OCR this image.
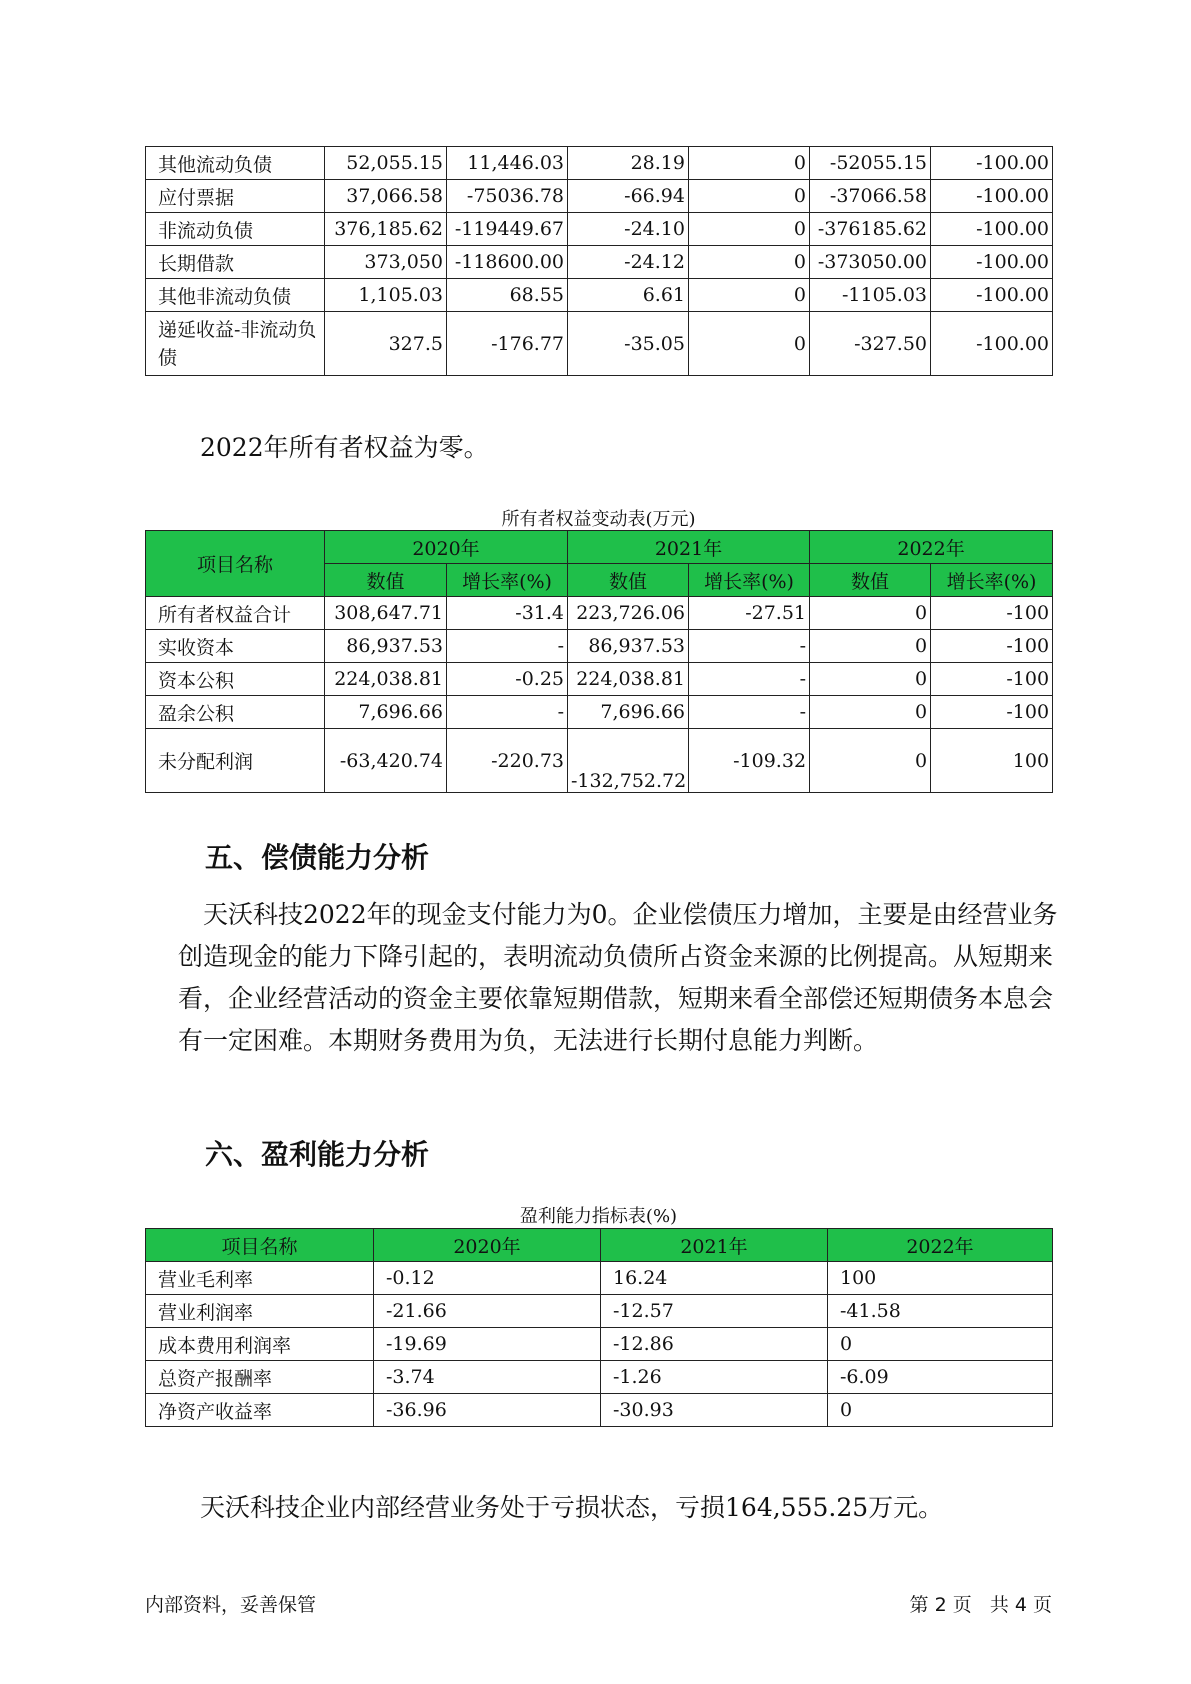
其他流动负债	52,055.15	11,446.03	28.19	0	-52055.15	-100.00
应付票据	37,066.58	-75036.78	-66.94	0	-37066.58	-100.00
非流动负债	376,185.62	-119449.67	-24.10	0	-376185.62	-100.00
长期借款	373,050	-118600.00	-24.12	0	-373050.00	-100.00
其他非流动负债	1,105.03	68.55	6.61	0	-1105.03	-100.00
递延收益-非流动负债	327.5	-176.77	-35.05	0	-327.50	-100.00
2022年所有者权益为零。
所有者权益变动表(万元)
项目名称	2020年		2021年		2022年	
	数值	增长率(%)	数值	增长率(%)	数值	增长率(%)
所有者权益合计	308,647.71	-31.4	223,726.06	-27.51	0	-100
实收资本	86,937.53	-	86,937.53	-	0	-100
资本公积	224,038.81	-0.25	224,038.81	-	0	-100
盈余公积	7,696.66	-	7,696.66	-	0	-100
未分配利润	-63,420.74	-220.73	-132,752.72	-109.32	0	100
五、偿债能力分析

天沃科技2022年的现金支付能力为0。企业偿债压力增加，主要是由经营业务创造现金的能力下降引起的，表明流动负债所占资金来源的比例提高。从短期来看，企业经营活动的资金主要依靠短期借款，短期来看全部偿还短期债务本息会有一定困难。本期财务费用为负，无法进行长期付息能力判断。

六、盈利能力分析
盈利能力指标表(%)
项目名称	2020年	2021年	2022年
营业毛利率	-0.12	16.24	100
营业利润率	-21.66	-12.57	-41.58
成本费用利润率	-19.69	-12.86	0
总资产报酬率	-3.74	-1.26	-6.09
净资产收益率	-36.96	-30.93	0
天沃科技企业内部经营业务处于亏损状态，亏损164,555.25万元。
内部资料，妥善保管	第 2 页   共 4 页
